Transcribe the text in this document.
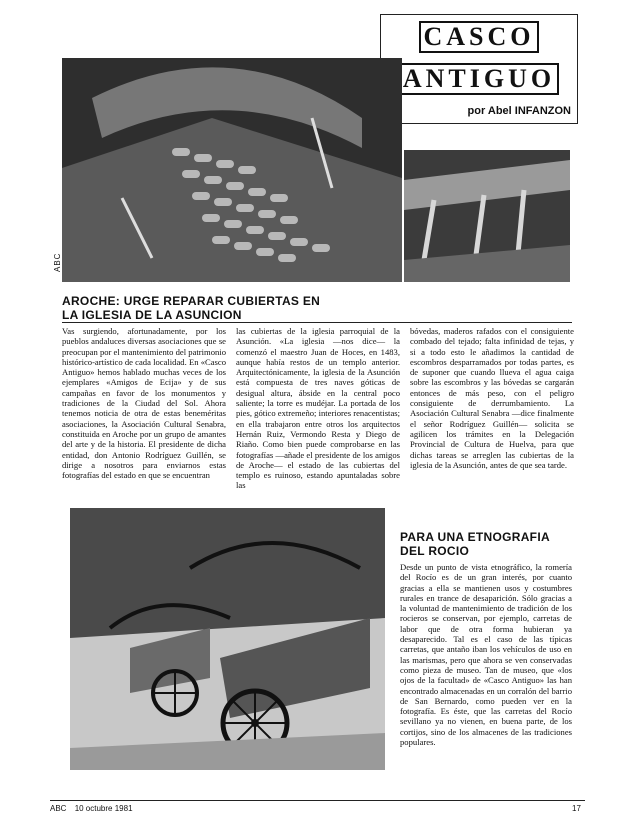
CASCO
ANTIGUO
por Abel INFANZON
ABC
AROCHE: URGE REPARAR CUBIERTAS EN
LA IGLESIA DE LA ASUNCION
Vas surgiendo, afortunadamente, por los pueblos andaluces diversas asociaciones que se preocupan por el mantenimiento del patrimonio histórico-artístico de cada localidad. En «Casco Antiguo» hemos hablado muchas veces de los ejemplares «Amigos de Ecija» y de sus campañas en favor de los monumentos y tradiciones de la Ciudad del Sol. Ahora tenemos noticia de otra de estas beneméritas asociaciones, la Asociación Cultural Senabra, constituida en Aroche por un grupo de amantes del arte y de la historia. El presidente de dicha entidad, don Antonio Rodríguez Guillén, se dirige a nosotros para enviarnos estas fotografías del estado en que se encuentran
las cubiertas de la iglesia parroquial de la Asunción. «La iglesia —nos dice— la comenzó el maestro Juan de Hoces, en 1483, aunque había restos de un templo anterior. Arquitectónicamente, la iglesia de la Asunción está compuesta de tres naves góticas de desigual altura, ábside en la central poco saliente; la torre es mudéjar. La portada de los pies, gótico extremeño; interiores renacentistas; en ella trabajaron entre otros los arquitectos Hernán Ruiz, Vermondo Resta y Diego de Riaño. Como bien puede comprobarse en las fotografías —añade el presidente de los amigos de Aroche— el estado de las cubiertas del templo es ruinoso, estando apuntaladas sobre las
bóvedas, maderos rafados con el consiguiente combado del tejado; falta infinidad de tejas, y si a todo esto le añadimos la cantidad de escombros desparramados por todas partes, es de suponer que cuando llueva el agua caiga sobre las escombros y las bóvedas se cargarán entonces de más peso, con el peligro consiguiente de derrumbamiento. La Asociación Cultural Senabra —dice finalmente el señor Rodríguez Guillén— solicita se agilicen los trámites en la Delegación Provincial de Cultura de Huelva, para que dichas tareas se arreglen las cubiertas de la iglesia de la Asunción, antes de que sea tarde.
PARA UNA ETNOGRAFIA
DEL ROCIO
Desde un punto de vista etnográfico, la romería del Rocío es de un gran interés, por cuanto gracias a ella se mantienen usos y costumbres rurales en trance de desaparición. Sólo gracias a la voluntad de mantenimiento de tradición de los rocieros se conservan, por ejemplo, carretas de labor que de otra forma hubieran ya desaparecido. Tal es el caso de las típicas carretas, que antaño iban los vehículos de uso en las marismas, pero que ahora se ven conservadas como pieza de museo. Tan de museo, que «los ojos de la facultad» de «Casco Antiguo» las han encontrado almacenadas en un corralón del barrio de San Bernardo, como pueden ver en la fotografía. Es éste, que las carretas del Rocío sevillano ya no vienen, en buena parte, de los cortijos, sino de los almacenes de las tradiciones populares.
ABC 10 octubre 1981	17
